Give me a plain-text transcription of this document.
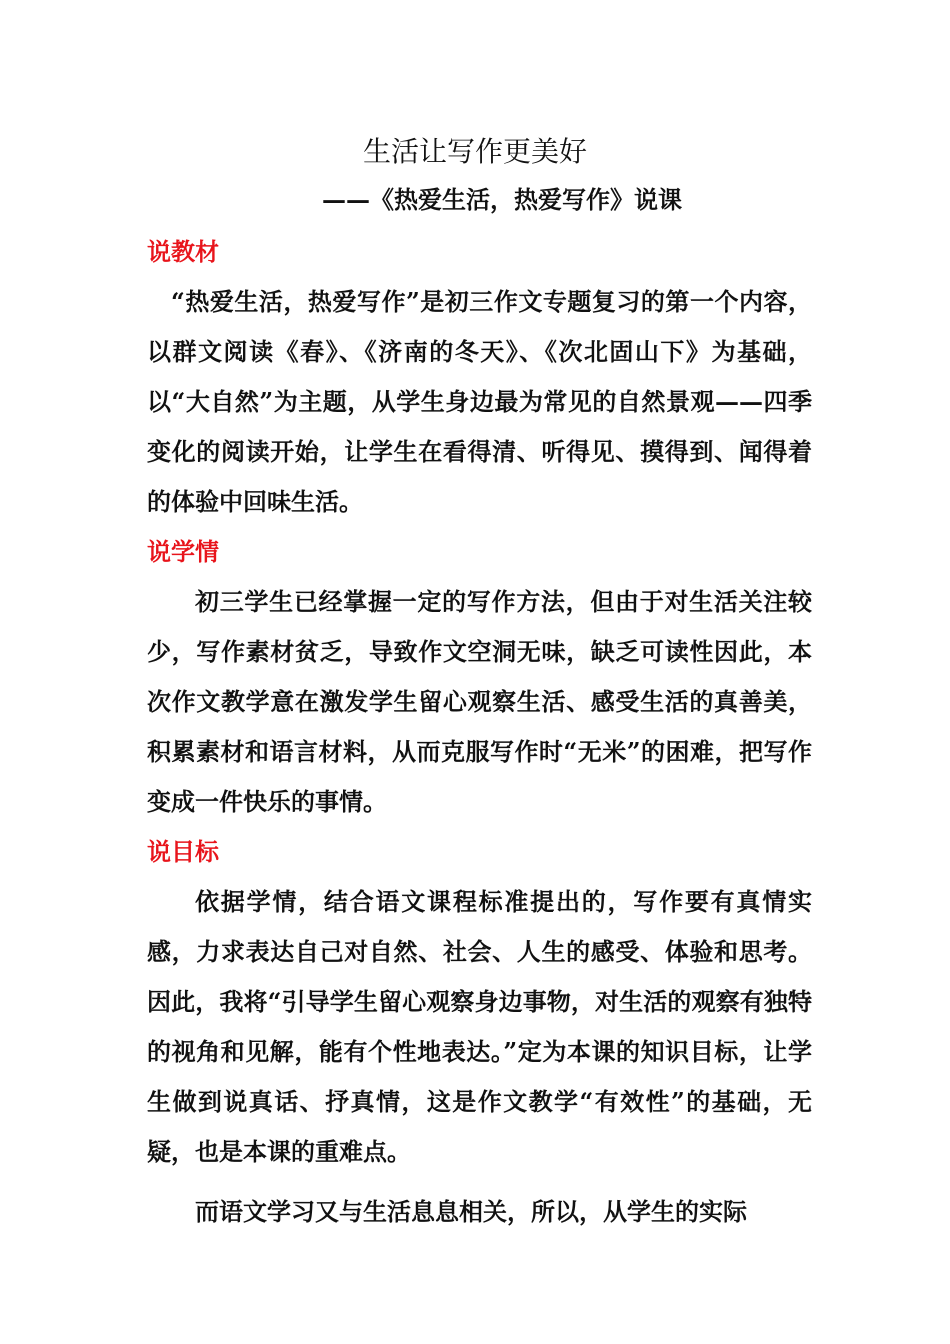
生活让写作更美好
——《热爱生活，热爱写作》说课
说教材

“热爱生活，热爱写作”是初三作文专题复习的第一个内容，以群文阅读《春》、《济南的冬天》、《次北固山下》为基础，以“大自然”为主题，从学生身边最为常见的自然景观——四季变化的阅读开始，让学生在看得清、听得见、摸得到、闻得着的体验中回味生活。

说学情

初三学生已经掌握一定的写作方法，但由于对生活关注较少，写作素材贫乏，导致作文空洞无味，缺乏可读性因此，本次作文教学意在激发学生留心观察生活、感受生活的真善美，积累素材和语言材料，从而克服写作时“无米”的困难，把写作变成一件快乐的事情。

说目标

依据学情，结合语文课程标准提出的，写作要有真情实感，力求表达自己对自然、社会、人生的感受、体验和思考。因此，我将“引导学生留心观察身边事物，对生活的观察有独特的视角和见解，能有个性地表达。”定为本课的知识目标，让学生做到说真话、抒真情，这是作文教学“有效性”的基础，无疑，也是本课的重难点。

而语文学习又与生活息息相关，所以，从学生的实际
